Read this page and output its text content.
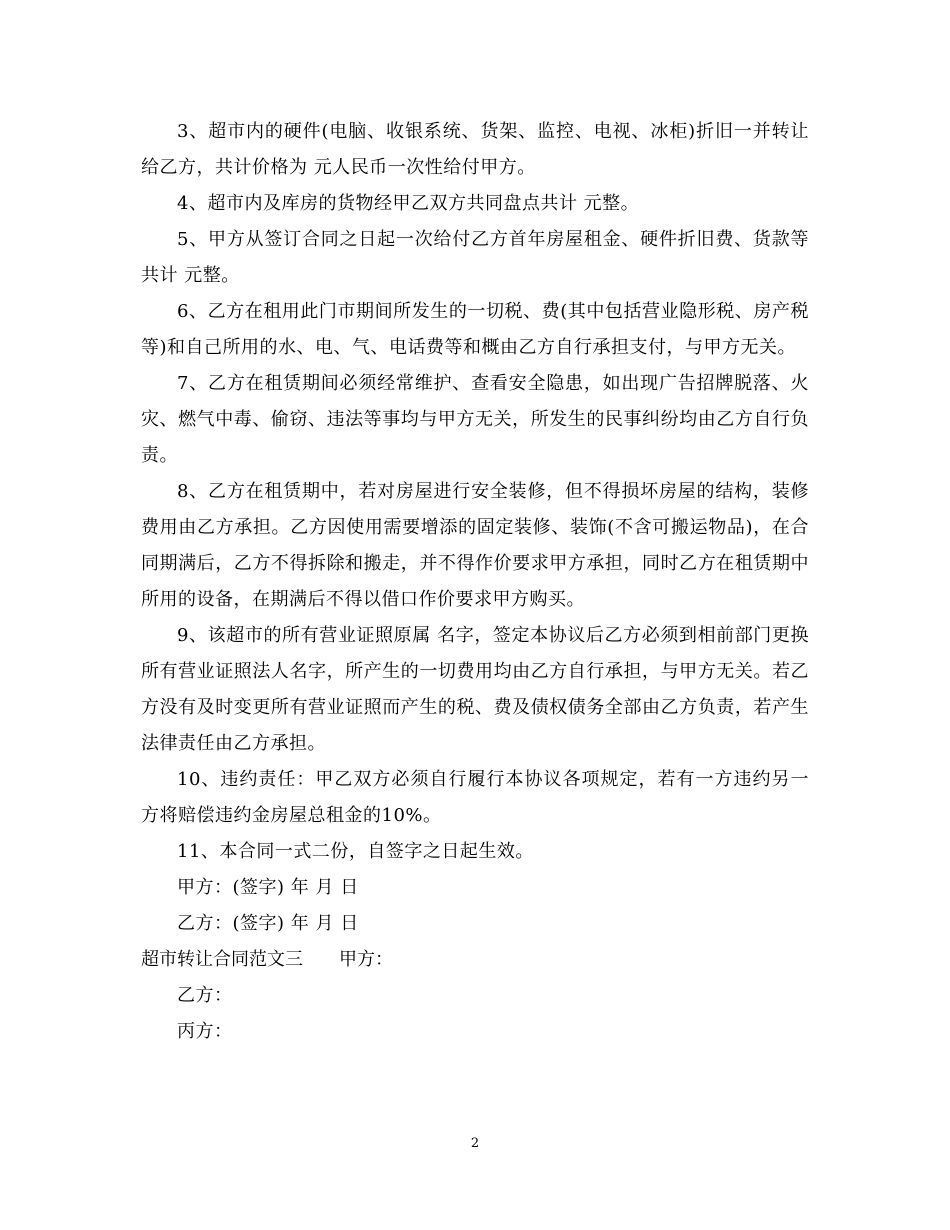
3、超市内的硬件(电脑、收银系统、货架、监控、电视、冰柜)折旧一并转让给乙方，共计价格为 元人民币一次性给付甲方。

4、超市内及库房的货物经甲乙双方共同盘点共计 元整。

5、甲方从签订合同之日起一次给付乙方首年房屋租金、硬件折旧费、货款等共计 元整。

6、乙方在租用此门市期间所发生的一切税、费(其中包括营业隐形税、房产税等)和自己所用的水、电、气、电话费等和概由乙方自行承担支付，与甲方无关。

7、乙方在租赁期间必须经常维护、查看安全隐患，如出现广告招牌脱落、火灾、燃气中毒、偷窃、违法等事均与甲方无关，所发生的民事纠纷均由乙方自行负责。

8、乙方在租赁期中，若对房屋进行安全装修，但不得损坏房屋的结构，装修费用由乙方承担。乙方因使用需要增添的固定装修、装饰(不含可搬运物品)，在合同期满后，乙方不得拆除和搬走，并不得作价要求甲方承担，同时乙方在租赁期中所用的设备，在期满后不得以借口作价要求甲方购买。

9、该超市的所有营业证照原属 名字，签定本协议后乙方必须到相前部门更换所有营业证照法人名字，所产生的一切费用均由乙方自行承担，与甲方无关。若乙方没有及时变更所有营业证照而产生的税、费及债权债务全部由乙方负责，若产生法律责任由乙方承担。

10、违约责任：甲乙双方必须自行履行本协议各项规定，若有一方违约另一方将赔偿违约金房屋总租金的10%。

11、本合同一式二份，自签字之日起生效。

甲方：(签字) 年 月 日

乙方：(签字) 年 月 日

超市转让合同范文三 甲方：

乙方：

丙方：

2
